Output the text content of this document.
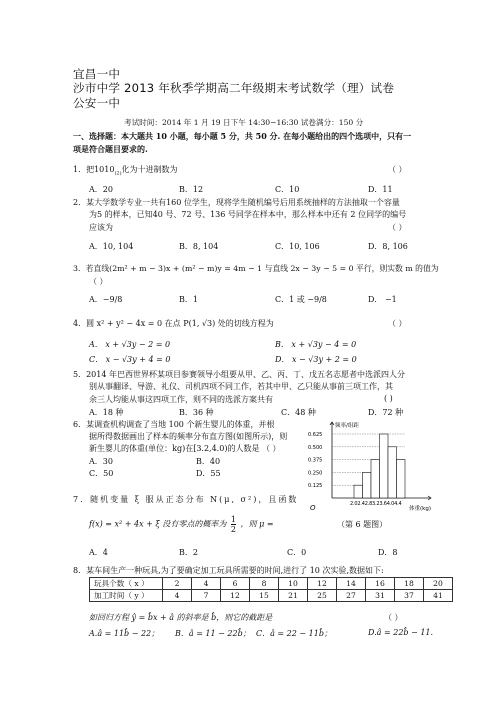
宜昌一中
沙市中学 2013 年秋季学期高二年级期末考试数学（理）试卷
公安一中
考试时间：2014 年 1 月 19 日下午 14:30−16:30 试卷满分：150 分
一、选择题：本大题共 10 小题，每小题 5 分，共 50 分. 在每小题给出的四个选项中，只有一
项是符合题目要求的.
1．把$1010_{(2)}$化为十进制数为	（ ）
A．20	B．12	C．10	D．11
2．某大学数学专业一共有160 位学生，现将学生随机编号后用系统抽样的方法抽取一个容量
为5 的样本，已知40 号、72 号、136 号同学在样本中，那么样本中还有 2 位同学的编号
应该为	（ ）
A．10, 104	B．8, 104	C．10, 106	D．8, 106
3．若直线(2m² + m − 3)x + (m² − m)y = 4m − 1 与直线 2x − 3y − 5 = 0 平行，则实数 m 的值为
（ ）
A．−9/8	B．1	C．1 或 −9/8	D． −1
4．圆 x² + y² − 4x = 0 在点 P(1, √3) 处的切线方程为	（ ）
A． x + √3y − 2 = 0	B． x + √3y − 4 = 0
C． x − √3y + 4 = 0	D． x − √3y + 2 = 0
5．2014 年巴西世界杯某项目参赛领导小组要从甲、乙、丙、丁、戊五名志愿者中选派四人分
别从事翻译、导游、礼仪、司机四项不同工作，若其中甲、乙只能从事前三项工作，其
余三人均能从事这四项工作，则不同的选派方案共有	( )
A．18 种	B．36 种	C．48 种	D．72 种
6．某调查机构调查了当地 100 个新生婴儿的体重，并根
据所得数据画出了样本的频率分布直方图(如图所示)，则
新生婴儿的体重(单位：kg)在[3.2,4.0)的人数是 （ ）
A．30	B．40
C．50	D．55
0.625
0.500
0.375
0.250
0.125
频率/组距
O	体重(kg)
2.02.42.83.23.64.04.4
（第 6 题图）
7．随机变量 ξ 服从正态分布 N(μ, σ²)，且函数
f(x) = x² + 4x + ξ 没有零点的概率为 $\frac{1}{2}$ ，则 μ =
A．4	B．2	C．0	D．8
8．某车间生产一种玩具,为了要确定加工玩具所需要的时间,进行了 10 次实验,数据如下:
玩具个数（ x ）	2	4	6	8	10	12	14	16	18	20
加工时间（ y ）	4	7	12	15	21	25	27	31	37	41
如回归方程 ŷ = b̂x + â 的斜率是 b̂，则它的截距是	（ ）
A.â = 11b̂ − 22； B．â = 11 − 22b̂； C．â = 22 − 11b̂；	D.â = 22b̂ − 11.
